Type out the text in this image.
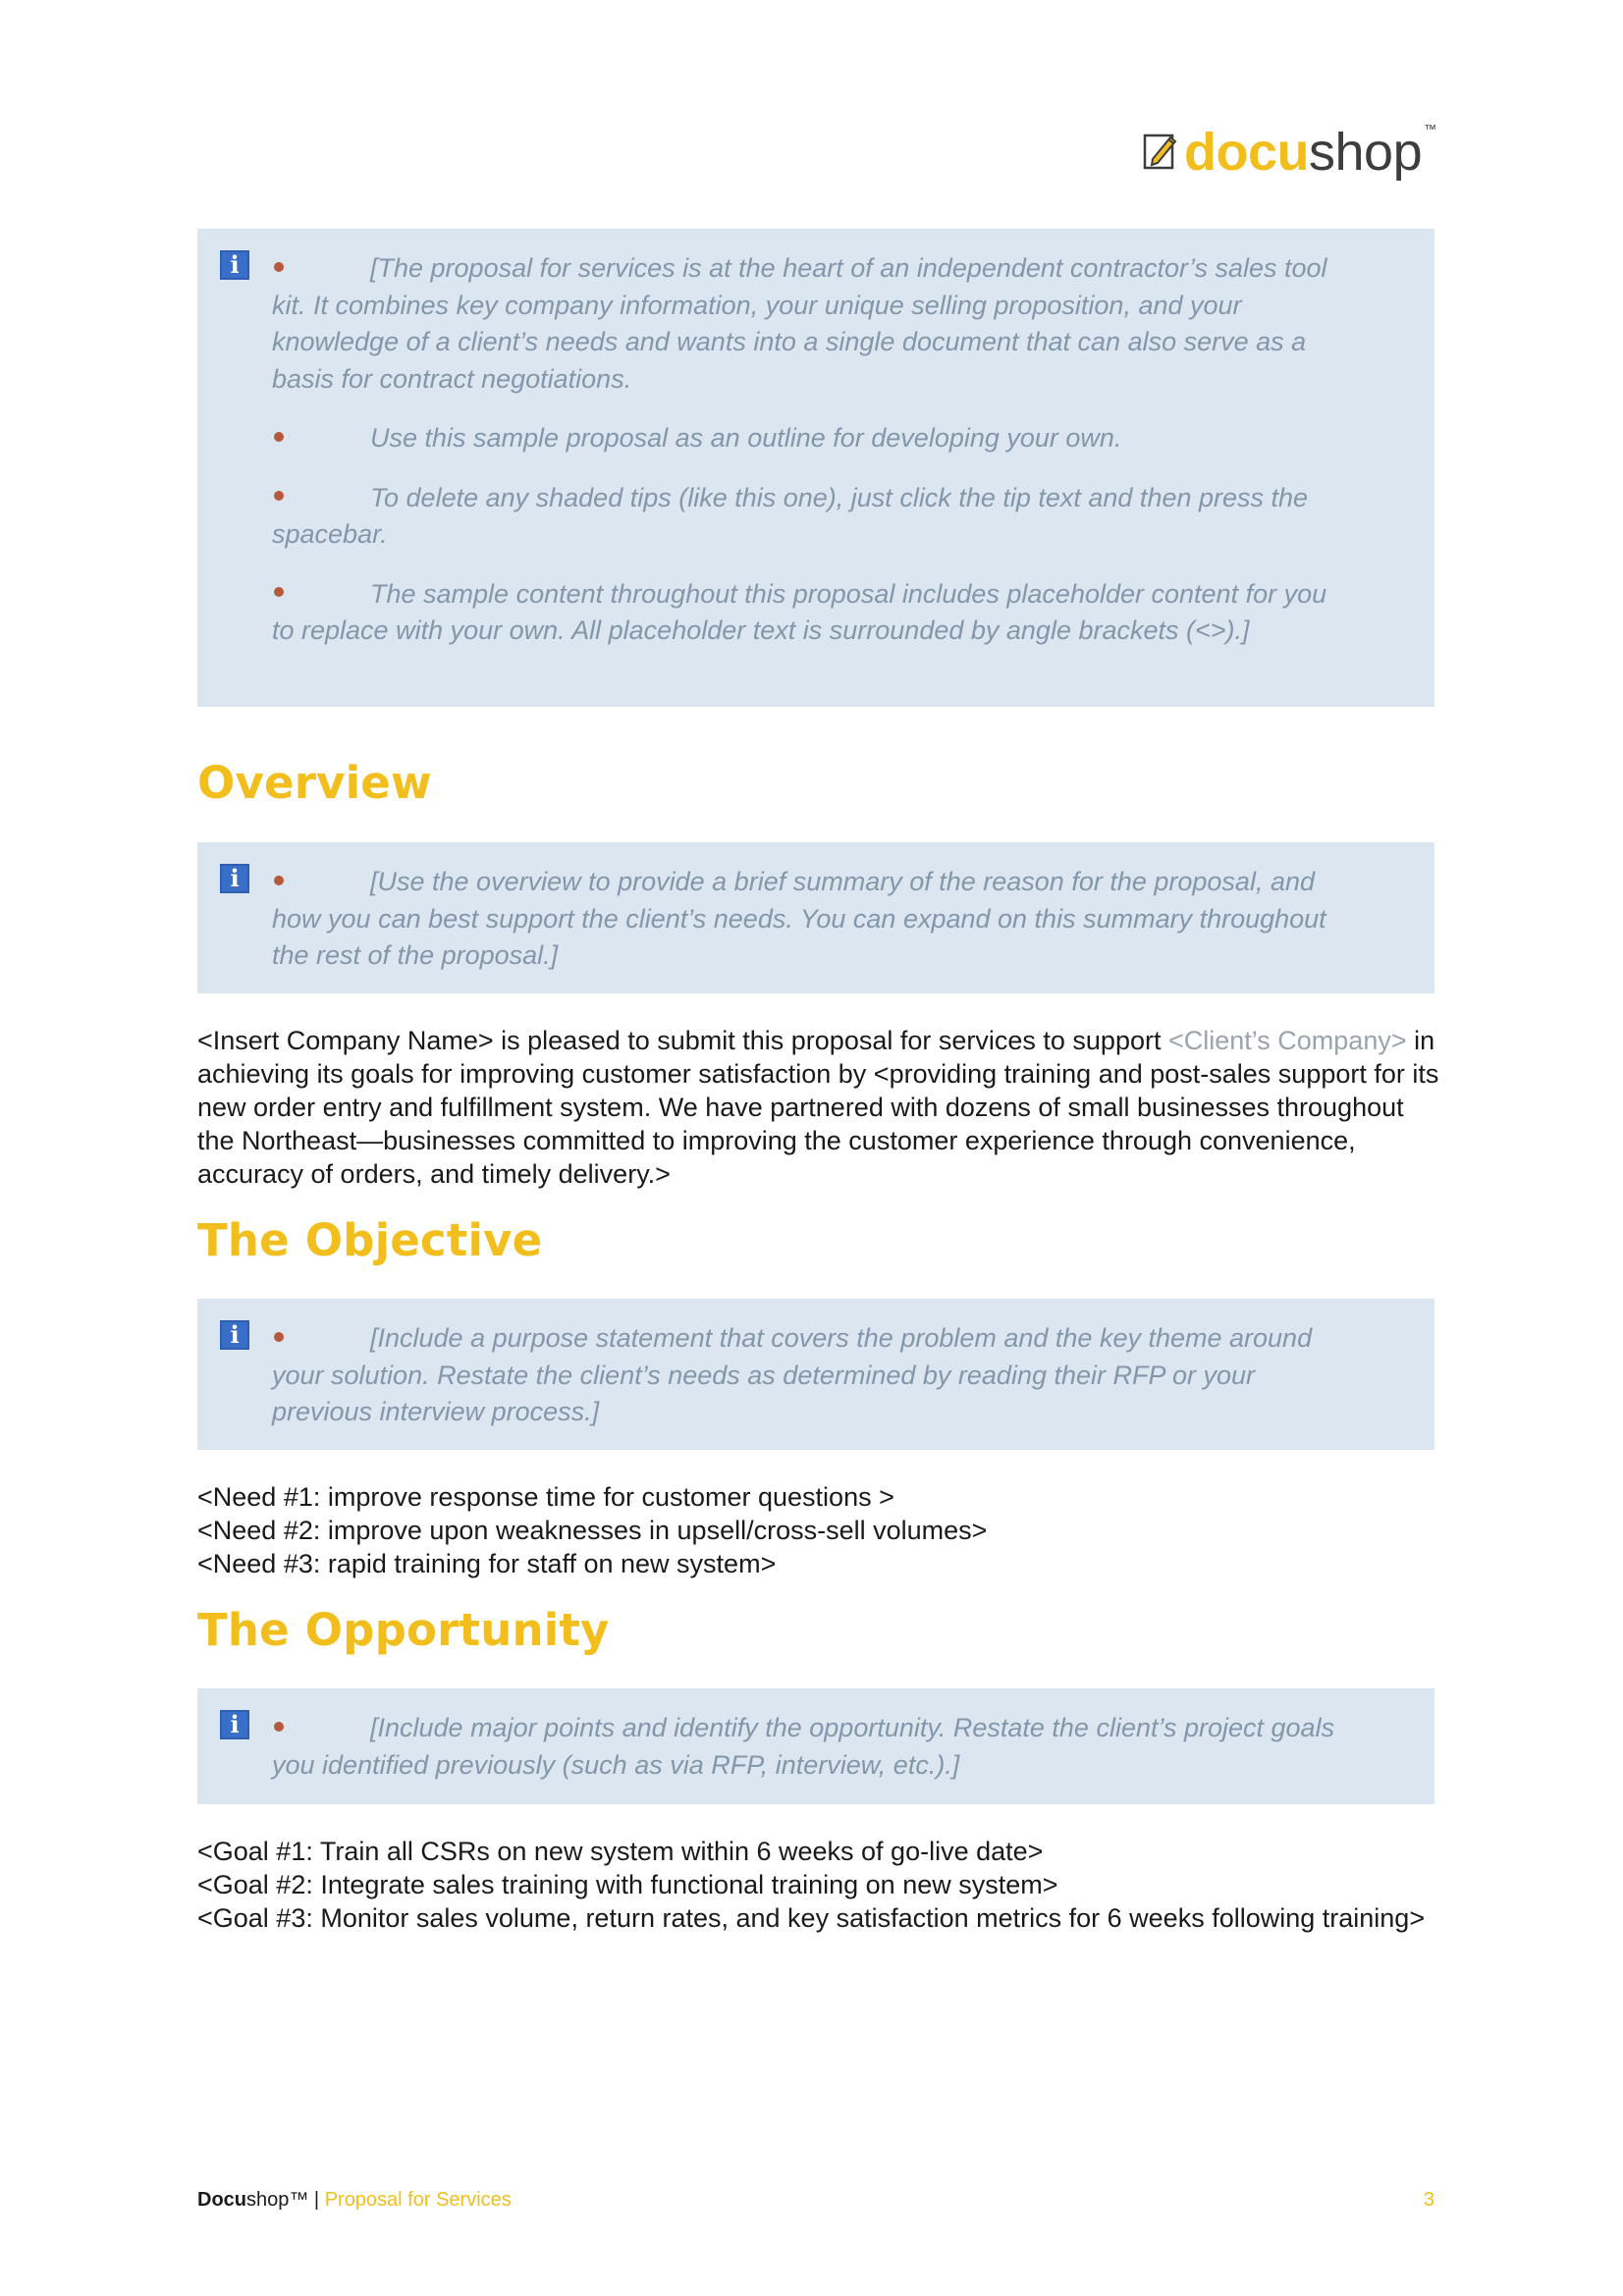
docushop ™
i	[The proposal for services is at the heart of an independent contractor’s sales tool kit. It combines key company information, your unique selling proposition, and your knowledge of a client’s needs and wants into a single document that can also serve as a basis for contract negotiations.
Use this sample proposal as an outline for developing your own.
To delete any shaded tips (like this one), just click the tip text and then press the spacebar.
The sample content throughout this proposal includes placeholder content for you to replace with your own. All placeholder text is surrounded by angle brackets (<>).]
Overview
i	[Use the overview to provide a brief summary of the reason for the proposal, and how you can best support the client’s needs. You can expand on this summary throughout the rest of the proposal.]

<Insert Company Name> is pleased to submit this proposal for services to support <Client’s Company> in achieving its goals for improving customer satisfaction by <providing training and post-sales support for its new order entry and fulfillment system. We have partnered with dozens of small businesses throughout the Northeast—businesses committed to improving the customer experience through convenience, accuracy of orders, and timely delivery.>

The Objective
i	[Include a purpose statement that covers the problem and the key theme around your solution. Restate the client’s needs as determined by reading their RFP or your previous interview process.]
<Need #1: improve response time for customer questions >
<Need #2: improve upon weaknesses in upsell/cross-sell volumes>
<Need #3: rapid training for staff on new system>
The Opportunity
i	[Include major points and identify the opportunity. Restate the client’s project goals you identified previously (such as via RFP, interview, etc.).]
<Goal #1: Train all CSRs on new system within 6 weeks of go-live date>
<Goal #2: Integrate sales training with functional training on new system>
<Goal #3: Monitor sales volume, return rates, and key satisfaction metrics for 6 weeks following training>
Docushop™ | Proposal for Services	3
